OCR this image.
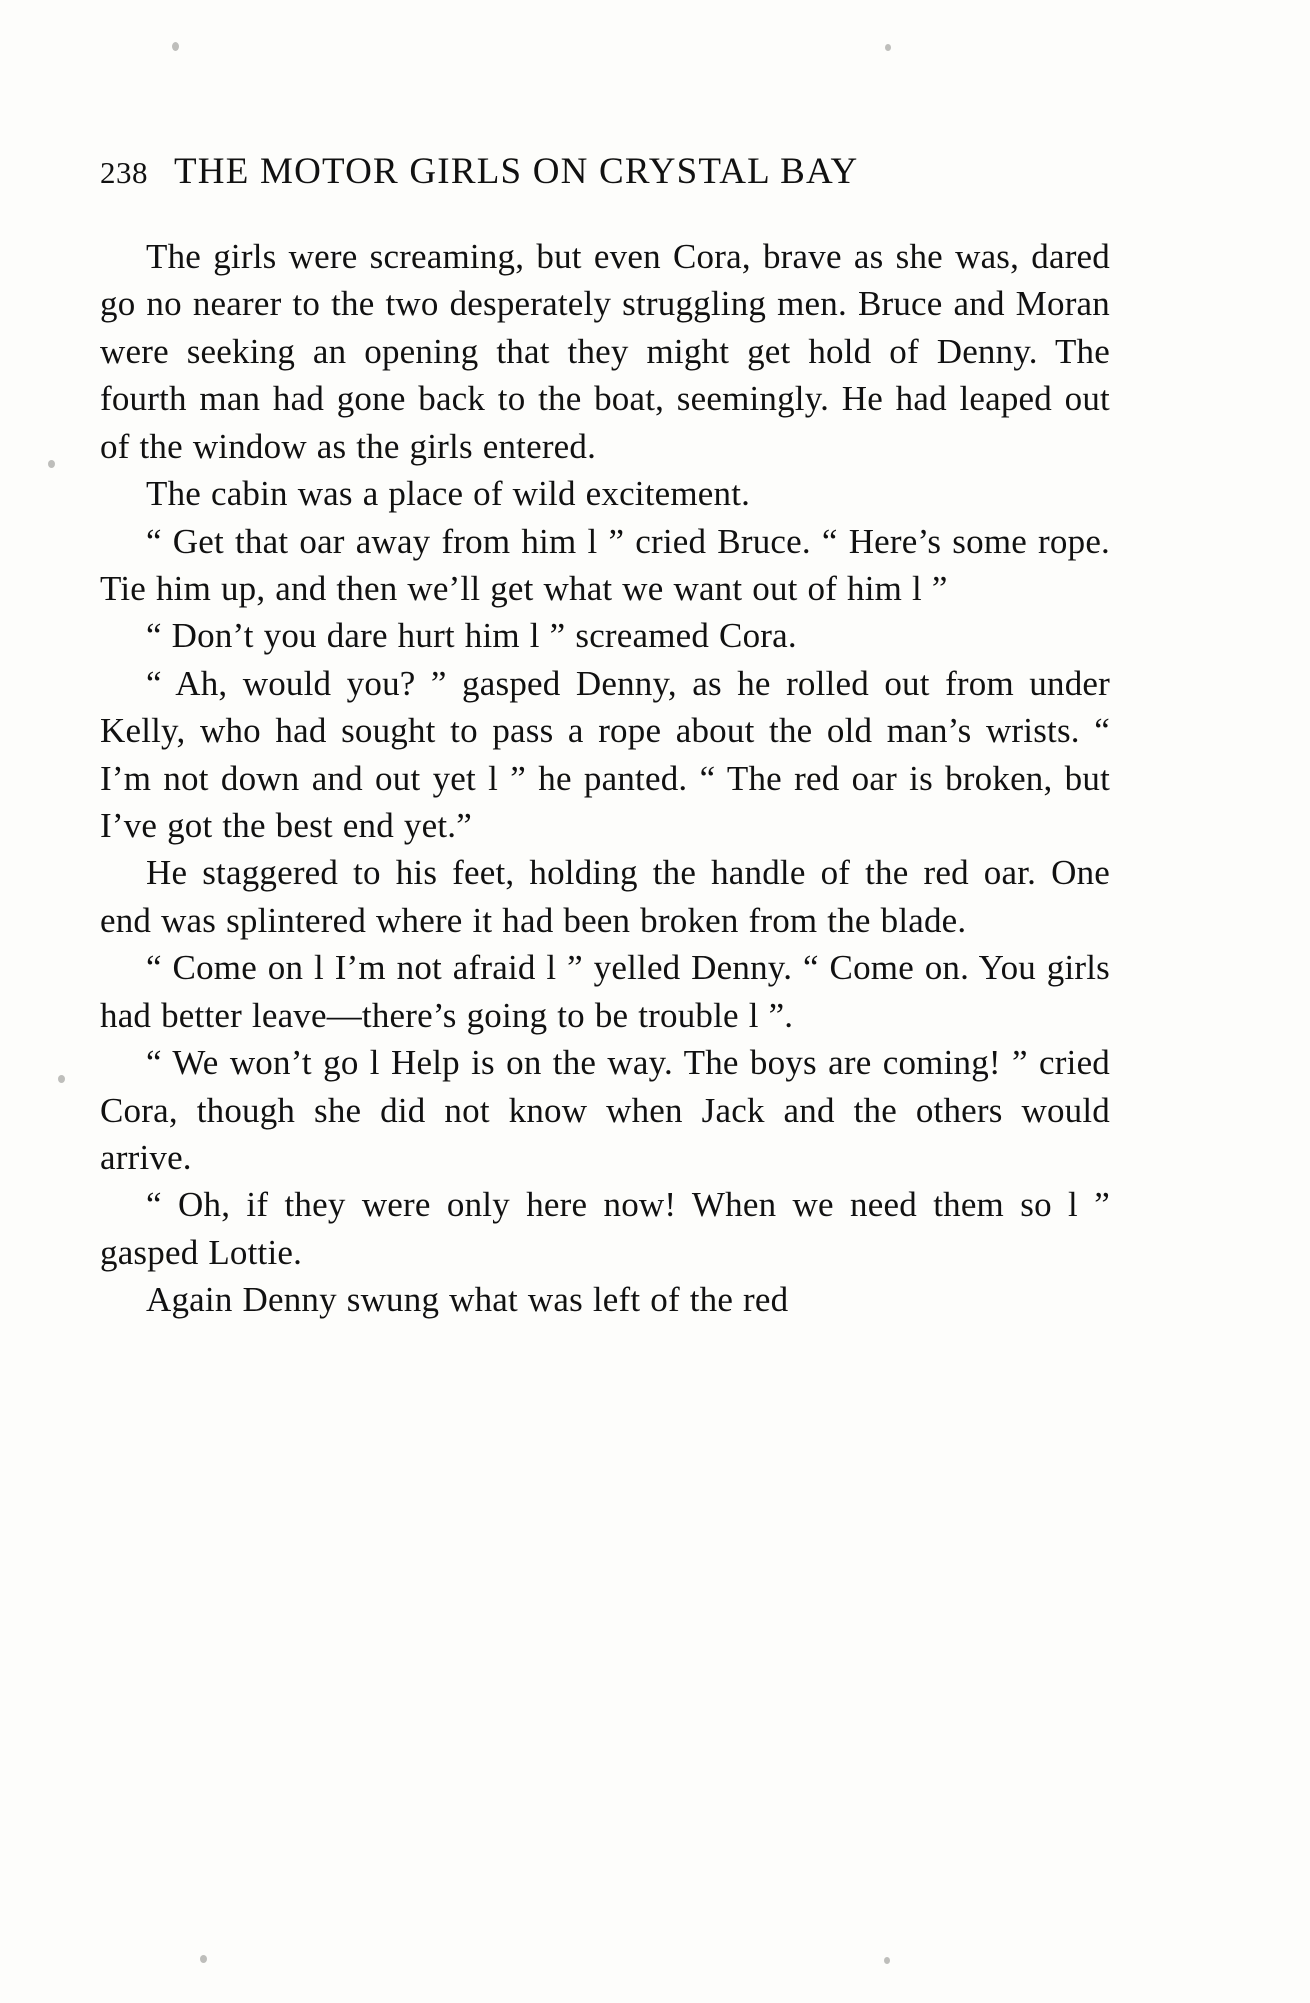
238 THE MOTOR GIRLS ON CRYSTAL BAY

The girls were screaming, but even Cora, brave as she was, dared go no nearer to the two desperately struggling men. Bruce and Moran were seeking an opening that they might get hold of Denny. The fourth man had gone back to the boat, seemingly. He had leaped out of the window as the girls entered.

The cabin was a place of wild excitement.

“ Get that oar away from him l ” cried Bruce. “ Here’s some rope. Tie him up, and then we’ll get what we want out of him l ”

“ Don’t you dare hurt him l ” screamed Cora.

“ Ah, would you? ” gasped Denny, as he rolled out from under Kelly, who had sought to pass a rope about the old man’s wrists. “ I’m not down and out yet l ” he panted. “ The red oar is broken, but I’ve got the best end yet.”

He staggered to his feet, holding the handle of the red oar. One end was splintered where it had been broken from the blade.

“ Come on l I’m not afraid l ” yelled Denny. “ Come on. You girls had better leave—there’s going to be trouble l ”.

“ We won’t go l Help is on the way. The boys are coming! ” cried Cora, though she did not know when Jack and the others would arrive.

“ Oh, if they were only here now! When we need them so l ” gasped Lottie.

Again Denny swung what was left of the red
